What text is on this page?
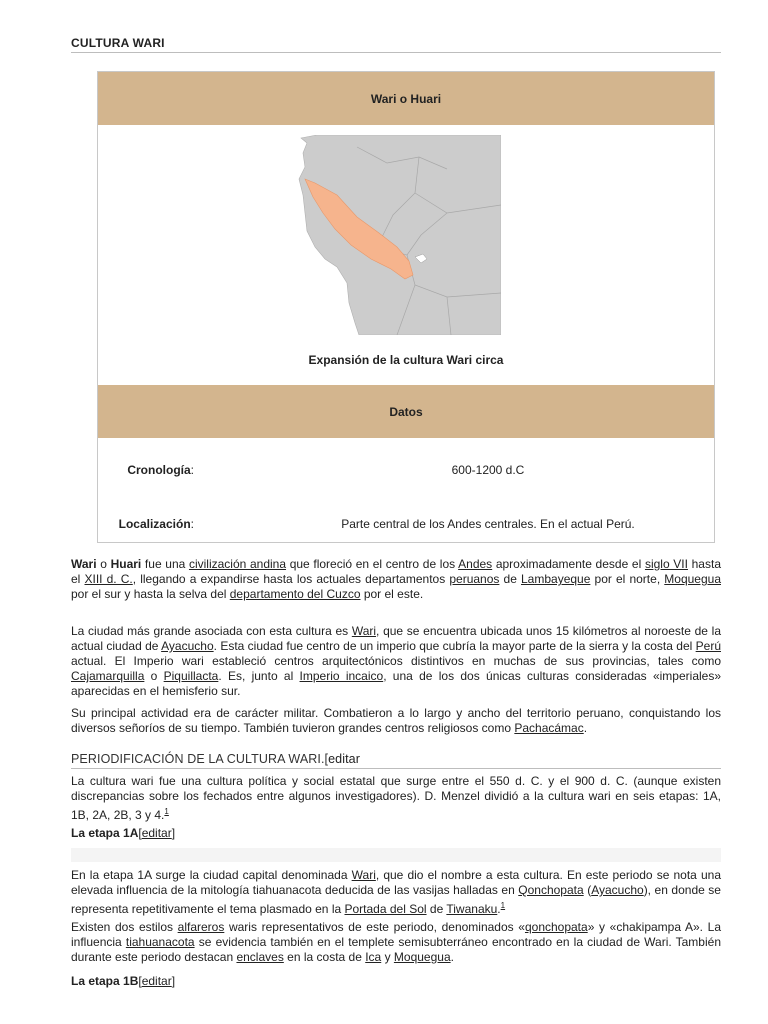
CULTURA WARI
Wari o Huari
Expansión de la cultura Wari circa
Datos
Cronología:	600-1200 d.C
Localización:	Parte central de los Andes centrales. En el actual Perú.
Wari o Huari fue una civilización andina que floreció en el centro de los Andes aproximadamente desde el siglo VII hasta el XIII d. C., llegando a expandirse hasta los actuales departamentos peruanos de Lambayeque por el norte, Moquegua por el sur y hasta la selva del departamento del Cuzco por el este.
La ciudad más grande asociada con esta cultura es Wari, que se encuentra ubicada unos 15 kilómetros al noroeste de la actual ciudad de Ayacucho. Esta ciudad fue centro de un imperio que cubría la mayor parte de la sierra y la costa del Perú actual. El Imperio wari estableció centros arquitectónicos distintivos en muchas de sus provincias, tales como Cajamarquilla o Piquillacta. Es, junto al Imperio incaico, una de los dos únicas culturas consideradas «imperiales» aparecidas en el hemisferio sur.
Su principal actividad era de carácter militar. Combatieron a lo largo y ancho del territorio peruano, conquistando los diversos señoríos de su tiempo. También tuvieron grandes centros religiosos como Pachacámac.
PERIODIFICACIÓN DE LA CULTURA WARI.[editar
La cultura wari fue una cultura política y social estatal que surge entre el 550 d. C. y el 900 d. C. (aunque existen discrepancias sobre los fechados entre algunos investigadores). D. Menzel dividió a la cultura wari en seis etapas: 1A, 1B, 2A, 2B, 3 y 4.$^1$
La etapa 1A[editar]
En la etapa 1A surge la ciudad capital denominada Wari, que dio el nombre a esta cultura. En este periodo se nota una elevada influencia de la mitología tiahuanacota deducida de las vasijas halladas en Qonchopata (Ayacucho), en donde se representa repetitivamente el tema plasmado en la Portada del Sol de Tiwanaku.$^1$
Existen dos estilos alfareros waris representativos de este periodo, denominados «qonchopata» y «chakipampa A». La influencia tiahuanacota se evidencia también en el templete semisubterráneo encontrado en la ciudad de Wari. También durante este periodo destacan enclaves en la costa de Ica y Moquegua.
La etapa 1B[editar]
